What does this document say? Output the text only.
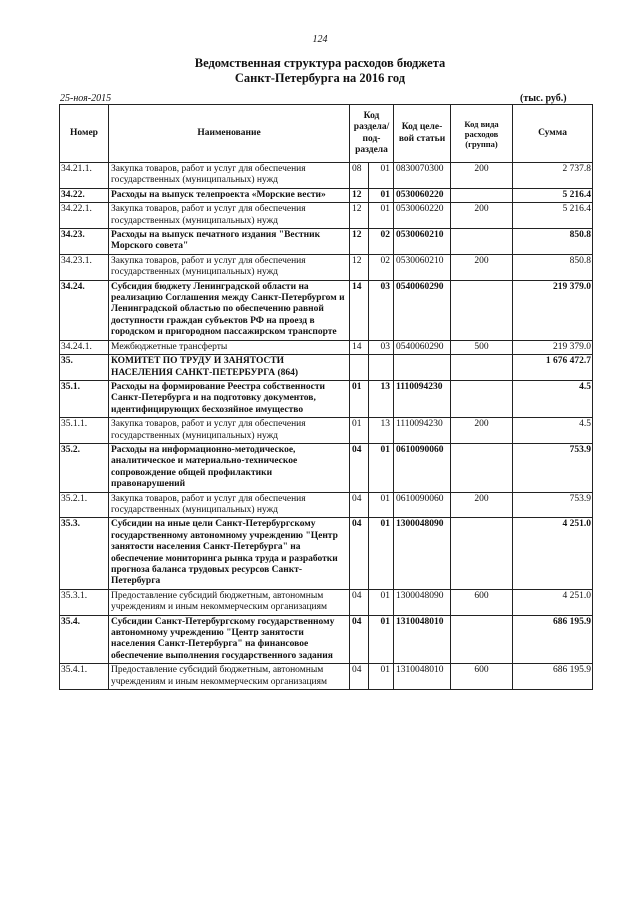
124
Ведомственная структура расходов бюджета
Санкт-Петербурга на 2016 год
25-ноя-2015	(тыс. руб.)
Номер	Наименование	Код раздела/ под-раздела		Код целе-вой статьи	Код вида расходов (группа)	Сумма
34.21.1.	Закупка товаров, работ и услуг для обеспечения государственных (муниципальных) нужд	08	01	0830070300	200	2 737.8
34.22.	Расходы на выпуск телепроекта «Морские вести»	12	01	0530060220		5 216.4
34.22.1.	Закупка товаров, работ и услуг для обеспечения государственных (муниципальных) нужд	12	01	0530060220	200	5 216.4
34.23.	Расходы на выпуск печатного издания "Вестник Морского совета"	12	02	0530060210		850.8
34.23.1.	Закупка товаров, работ и услуг для обеспечения государственных (муниципальных) нужд	12	02	0530060210	200	850.8
34.24.	Субсидия бюджету Ленинградской области на реализацию Соглашения между Санкт-Петербургом и Ленинградской областью по обеспечению равной доступности граждан субъектов РФ на проезд в городском и пригородном пассажирском транспорте	14	03	0540060290		219 379.0
34.24.1.	Межбюджетные трансферты	14	03	0540060290	500	219 379.0
35.	КОМИТЕТ ПО ТРУДУ И ЗАНЯТОСТИ НАСЕЛЕНИЯ САНКТ-ПЕТЕРБУРГА (864)					1 676 472.7
35.1.	Расходы на формирование Реестра собственности Санкт-Петербурга и на подготовку документов, идентифицирующих бесхозяйное имущество	01	13	1110094230		4.5
35.1.1.	Закупка товаров, работ и услуг для обеспечения государственных (муниципальных) нужд	01	13	1110094230	200	4.5
35.2.	Расходы на информационно-методическое, аналитическое и материально-техническое сопровождение общей профилактики правонарушений	04	01	0610090060		753.9
35.2.1.	Закупка товаров, работ и услуг для обеспечения государственных (муниципальных) нужд	04	01	0610090060	200	753.9
35.3.	Субсидии на иные цели Санкт-Петербургскому государственному автономному учреждению "Центр занятости населения Санкт-Петербурга" на обеспечение мониторинга рынка труда и разработки прогноза баланса трудовых ресурсов Санкт-Петербурга	04	01	1300048090		4 251.0
35.3.1.	Предоставление субсидий бюджетным, автономным учреждениям и иным некоммерческим организациям	04	01	1300048090	600	4 251.0
35.4.	Субсидии Санкт-Петербургскому государственному автономному учреждению "Центр занятости населения Санкт-Петербурга" на финансовое обеспечение выполнения государственного задания	04	01	1310048010		686 195.9
35.4.1.	Предоставление субсидий бюджетным, автономным учреждениям и иным некоммерческим организациям	04	01	1310048010	600	686 195.9
